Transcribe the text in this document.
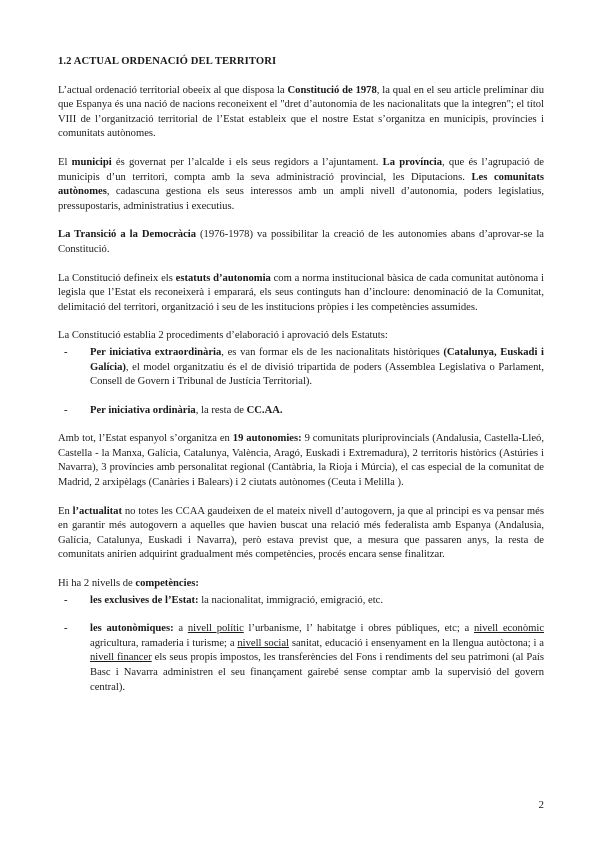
1.2 ACTUAL ORDENACIÓ DEL TERRITORI

L’actual ordenació territorial obeeix al que disposa la Constitució de 1978, la qual en el seu article preliminar diu que Espanya és una nació de nacions reconeixent el "dret d’autonomia de les nacionalitats que la integren"; el títol VIII de l’organització territorial de l’Estat estableix que el nostre Estat s’organitza en municipis, províncies i comunitats autònomes.

El municipi és governat per l’alcalde i els seus regidors a l’ajuntament. La província, que és l’agrupació de municipis d’un territori, compta amb la seva administració provincial, les Diputacions. Les comunitats autònomes, cadascuna gestiona els seus interessos amb un ampli nivell d’autonomia, poders legislatius, pressupostaris, administratius i executius.

La Transició a la Democràcia (1976-1978) va possibilitar la creació de les autonomies abans d’aprovar-se la Constitució.

La Constitució defineix els estatuts d’autonomia com a norma institucional bàsica de cada comunitat autònoma i legisla que l’Estat els reconeixerà i emparará, els seus continguts han d’incloure: denominació de la Comunitat, delimitació del territori, organització i seu de les institucions pròpies i les competències assumides.

La Constitució establia 2 procediments d’elaboració i aprovació dels Estatuts:

- Per iniciativa extraordinària, es van formar els de les nacionalitats històriques (Catalunya, Euskadi i Galícia), el model organitzatiu és el de divisió tripartida de poders (Assemblea Legislativa o Parlament, Consell de Govern i Tribunal de Justícia Territorial).
- Per iniciativa ordinària, la resta de CC.AA.

Amb tot, l’Estat espanyol s’organitza en 19 autonomies: 9 comunitats pluriprovincials (Andalusia, Castella-Lleó, Castella - la Manxa, Galícia, Catalunya, València, Aragó, Euskadi i Extremadura), 2 territoris històrics (Astúries i Navarra), 3 províncies amb personalitat regional (Cantàbria, la Rioja i Múrcia), el cas especial de la comunitat de Madrid, 2 arxipèlags (Canàries i Balears) i 2 ciutats autònomes (Ceuta i Melilla ).

En l’actualitat no totes les CCAA gaudeixen de el mateix nivell d’autogovern, ja que al principi es va pensar més en garantir més autogovern a aquelles que havien buscat una relació més federalista amb Espanya (Andalusia, Galícia, Catalunya, Euskadi i Navarra), però estava previst que, a mesura que passaren anys, la resta de comunitats anirien adquirint gradualment més competències, procés encara sense finalitzar.

Hi ha 2 nivells de competències:

- les exclusives de l’Estat: la nacionalitat, immigració, emigració, etc.
- les autonòmiques: a nivell polític l’urbanisme, l’ habitatge i obres públiques, etc; a nivell econòmic agricultura, ramaderia i turisme; a nivell social sanitat, educació i ensenyament en la llengua autòctona; i a nivell financer els seus propis impostos, les transferències del Fons i rendiments del seu patrimoni (al País Basc i Navarra administren el seu finançament gairebé sense comptar amb la supervisió del govern central).
2
